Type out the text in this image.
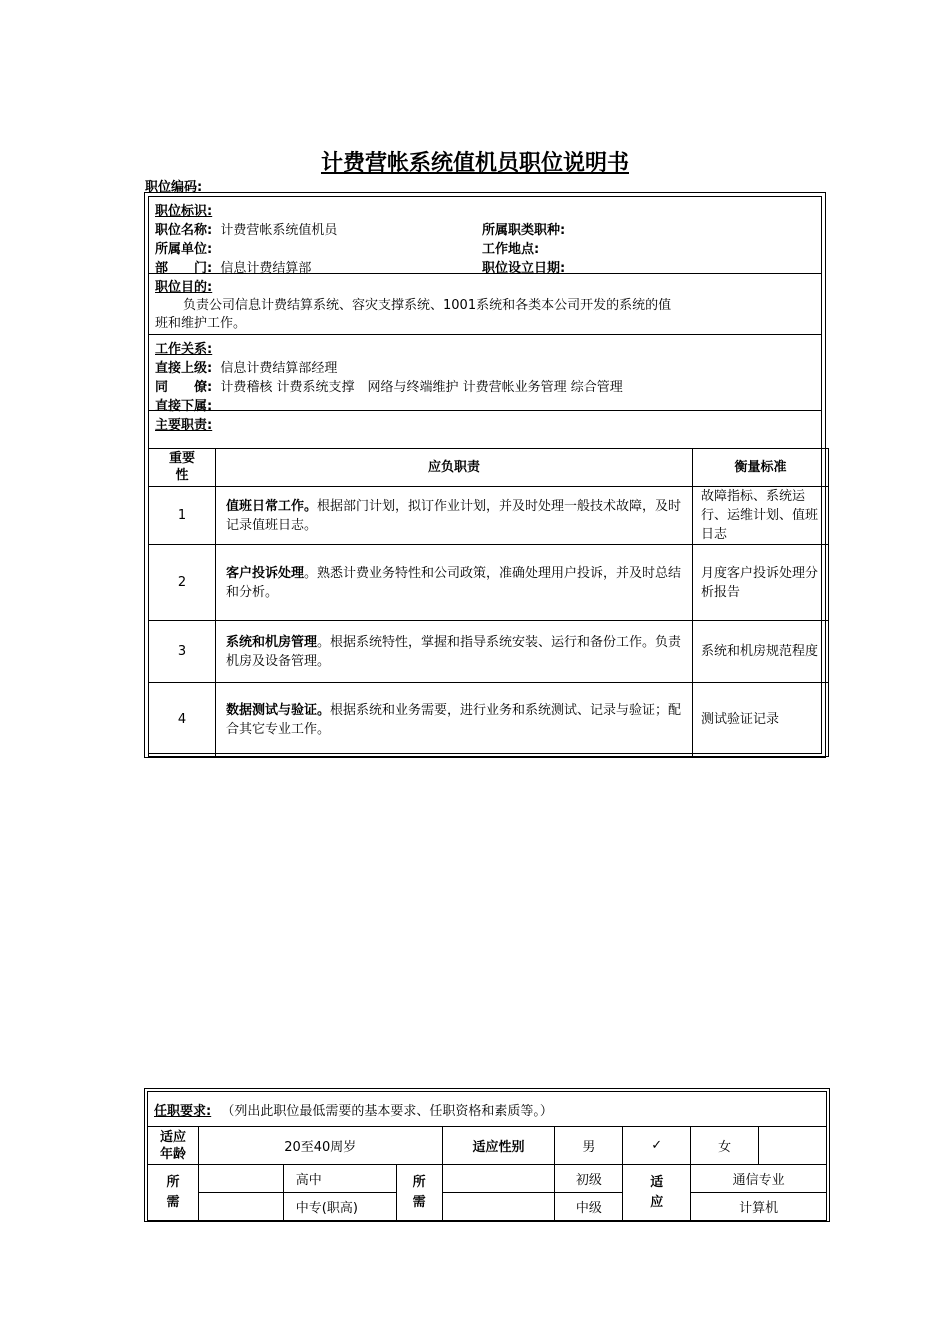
计费营帐系统值机员职位说明书
职位编码:
职位标识:
职位名称: 计费营帐系统值机员	所属职类职种:
所属单位:	工作地点:
部　　门: 信息计费结算部	职位设立日期:
职位目的:
负责公司信息计费结算系统、容灾支撑系统、1001系统和各类本公司开发的系统的值
班和维护工作。
工作关系:
直接上级: 信息计费结算部经理
同　　僚: 计费稽核 计费系统支撑　网络与终端维护 计费营帐业务管理 综合管理
直接下属:
主要职责:
重要性	应负职责	衡量标准
1	值班日常工作。根据部门计划，拟订作业计划，并及时处理一般技术故障，及时记录值班日志。	故障指标、系统运行、运维计划、值班日志
2	客户投诉处理。熟悉计费业务特性和公司政策，准确处理用户投诉，并及时总结和分析。	月度客户投诉处理分析报告
3	系统和机房管理。根据系统特性，掌握和指导系统安装、运行和备份工作。负责机房及设备管理。	系统和机房规范程度
4	数据测试与验证。根据系统和业务需要，进行业务和系统测试、记录与验证；配合其它专业工作。	测试验证记录
任职要求: （列出此职位最低需要的基本要求、任职资格和素质等。）								
适应年龄	20至40周岁			适应性别	男	✓	女	
所需		高中	所需		初级	适应	通信专业	
		中专(职高)			中级		计算机	
